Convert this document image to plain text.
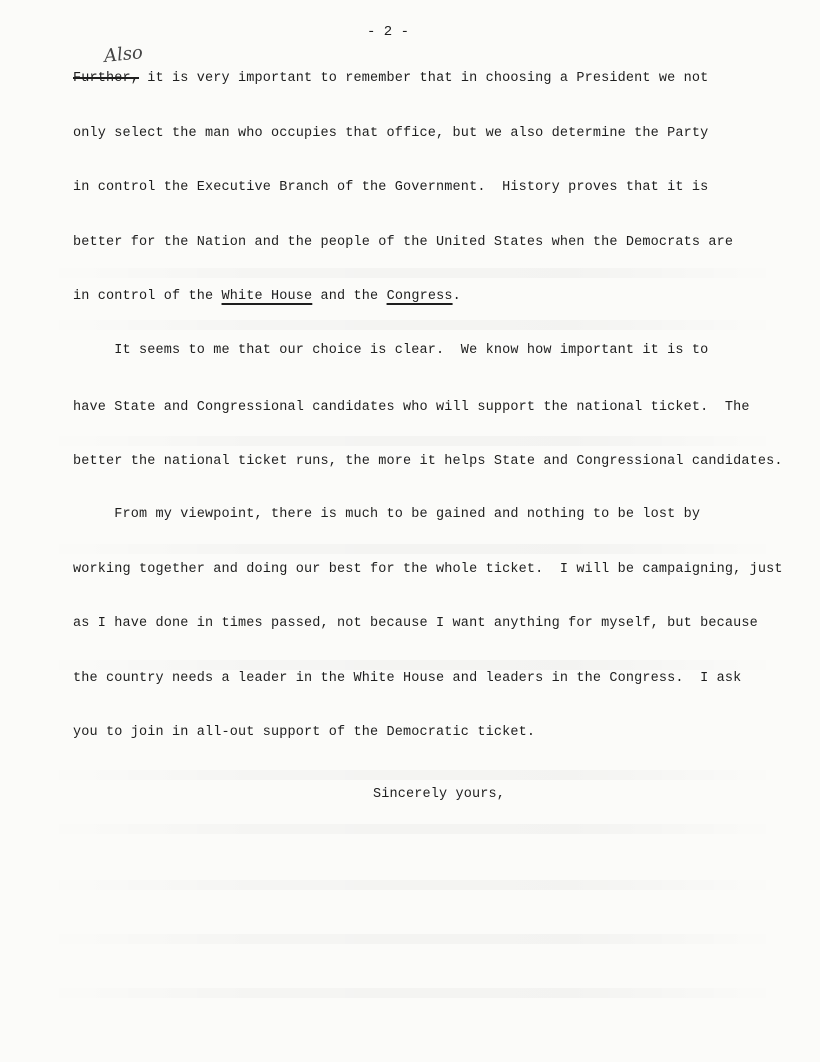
- 2 -
Also
Further, it is very important to remember that in choosing a President we not
only select the man who occupies that office, but we also determine the Party
in control the Executive Branch of the Government.  History proves that it is
better for the Nation and the people of the United States when the Democrats are
in control of the White House and the Congress.
It seems to me that our choice is clear.  We know how important it is to
have State and Congressional candidates who will support the national ticket.  The
better the national ticket runs, the more it helps State and Congressional candidates.
From my viewpoint, there is much to be gained and nothing to be lost by
working together and doing our best for the whole ticket.  I will be campaigning, just
as I have done in times passed, not because I want anything for myself, but because
the country needs a leader in the White House and leaders in the Congress.  I ask
you to join in all-out support of the Democratic ticket.
Sincerely yours,
